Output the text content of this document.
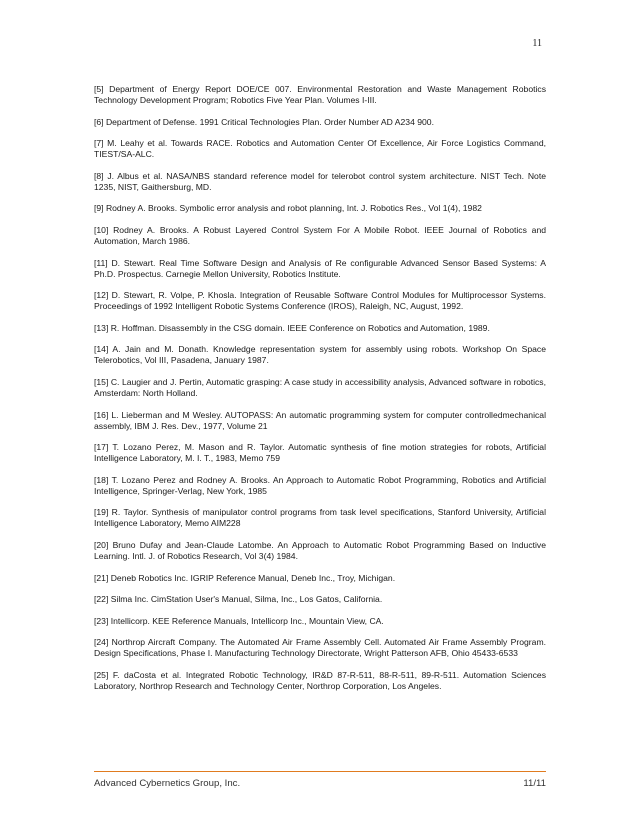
11

[5] Department of Energy Report DOE/CE 007. Environmental Restoration and Waste Management Robotics Technology Development Program; Robotics Five Year Plan. Volumes I-III.

[6] Department of Defense. 1991 Critical Technologies Plan. Order Number AD A234 900.

[7] M. Leahy et al. Towards RACE. Robotics and Automation Center Of Excellence, Air Force Logistics Command, TIEST/SA-ALC.

[8] J. Albus et al. NASA/NBS standard reference model for telerobot control system architecture. NIST Tech. Note 1235, NIST, Gaithersburg, MD.

[9] Rodney A. Brooks. Symbolic error analysis and robot planning, Int. J. Robotics Res., Vol 1(4), 1982

[10] Rodney A. Brooks. A Robust Layered Control System For A Mobile Robot. IEEE Journal of Robotics and Automation, March 1986.

[11] D. Stewart. Real Time Software Design and Analysis of Re configurable Advanced Sensor Based Systems: A Ph.D. Prospectus. Carnegie Mellon University, Robotics Institute.

[12] D. Stewart, R. Volpe, P. Khosla. Integration of Reusable Software Control Modules for Multiprocessor Systems. Proceedings of 1992 Intelligent Robotic Systems Conference (IROS), Raleigh, NC, August, 1992.

[13] R. Hoffman. Disassembly in the CSG domain. IEEE Conference on Robotics and Automation, 1989.

[14] A. Jain and M. Donath. Knowledge representation system for assembly using robots. Workshop On Space Telerobotics, Vol III, Pasadena, January 1987.

[15] C. Laugier and J. Pertin, Automatic grasping: A case study in accessibility analysis, Advanced software in robotics, Amsterdam: North Holland.

[16] L. Lieberman and M Wesley. AUTOPASS: An automatic programming system for computer controlledmechanical assembly, IBM J. Res. Dev., 1977, Volume 21

[17] T. Lozano Perez, M. Mason and R. Taylor. Automatic synthesis of fine motion strategies for robots, Artificial Intelligence Laboratory, M. I. T., 1983, Memo 759

[18] T. Lozano Perez and Rodney A. Brooks. An Approach to Automatic Robot Programming, Robotics and Artificial Intelligence, Springer-Verlag, New York, 1985

[19] R. Taylor. Synthesis of manipulator control programs from task level specifications, Stanford University, Artificial Intelligence Laboratory, Memo AIM228

[20] Bruno Dufay and Jean-Claude Latombe. An Approach to Automatic Robot Programming Based on Inductive Learning. Intl. J. of Robotics Research, Vol 3(4) 1984.

[21] Deneb Robotics Inc. IGRIP Reference Manual, Deneb Inc., Troy, Michigan.

[22] Silma Inc. CimStation User's Manual, Silma, Inc., Los Gatos, California.

[23] Intellicorp. KEE Reference Manuals, Intellicorp Inc., Mountain View, CA.

[24] Northrop Aircraft Company. The Automated Air Frame Assembly Cell. Automated Air Frame Assembly Program. Design Specifications, Phase I. Manufacturing Technology Directorate, Wright Patterson AFB, Ohio 45433-6533

[25] F. daCosta et al. Integrated Robotic Technology, IR&D 87-R-511, 88-R-511, 89-R-511. Automation Sciences Laboratory, Northrop Research and Technology Center, Northrop Corporation, Los Angeles.

Advanced Cybernetics Group, Inc.	11/11
